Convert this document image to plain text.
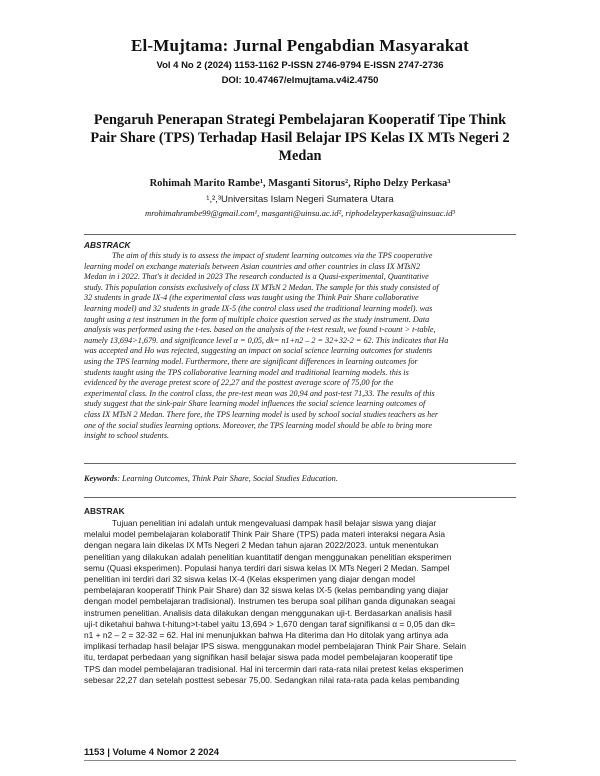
El-Mujtama: Jurnal Pengabdian Masyarakat
Vol 4 No 2 (2024) 1153-1162 P-ISSN 2746-9794 E-ISSN 2747-2736
DOI: 10.47467/elmujtama.v4i2.4750
Pengaruh Penerapan Strategi Pembelajaran Kooperatif Tipe Think
Pair Share (TPS) Terhadap Hasil Belajar IPS Kelas IX MTs Negeri 2
Medan
Rohimah Marito Rambe¹, Masganti Sitorus², Ripho Delzy Perkasa³
¹,²,³Universitas Islam Negeri Sumatera Utara
mrohimahrambe99@gmail.com¹, masganti@uinsu.ac.id², riphodelzyperkasa@uinsuac.id³
ABSTRACK
The aim of this study is to assess the impact of student learning outcomes via the TPS cooperative
learning model on exchange materials between Asian countries and other countries in class IX MTsN2
Medan in i 2022. That's it decided in 2023 The research conducted is a Quasi-experimental, Quantitative
study. This population consists exclusively of class IX MTsN 2 Medan. The sample for this study consisted of
32 students in grade IX-4 (the experimental class was taught using the Think Pair Share collaborative
learning model) and 32 students in grade IX-5 (the control class used the traditional learning model). was
taught using a test instrumen in the form of multiple choice question served as the study instrument. Data
analysis was performed using the t-tes. based on the analysis of the t-test result, we found t-count > t-table,
namely 13,694>1,679. and significance level α = 0,05, dk= n1+n2 – 2 = 32+32-2 = 62. This indicates that Ha
was accepted and Ho was rejected, suggesting an impact on social science learning outcomes for students
using the TPS learning model. Furthermore, there are significant differences in learning outcomes for
students taught using the TPS collaborative learning model and traditional learning models. this is
evidenced by the average pretest score of 22,27 and the posttest average score of 75,00 for the
experimental class. In the control class, the pre-test mean was 20,94 and post-test 71,33. The results of this
study suggest that the sink-pair Share learning model influences the social science learning outcomes of
class IX MTsN 2 Medan. There fore, the TPS learning model is used by school social studies teachers as her
one of the social studies learning options. Moreover, the TPS learning model should be able to bring more
insight to school students.
Keywords: Learning Outcomes, Think Pair Share, Social Studies Education.
ABSTRAK
Tujuan penelitian ini adalah untuk mengevaluasi dampak hasil belajar siswa yang diajar
melalui model pembelajaran kolaboratif Think Pair Share (TPS) pada materi interaksi negara Asia
dengan negara lain dikelas IX MTs Negeri 2 Medan tahun ajaran 2022/2023. untuk menentukan
penelitian yang dilakukan adalah penelitian kuantitatif dengan menggunakan penelitian eksperimen
semu (Quasi eksperimen). Populasi hanya terdiri dari siswa kelas IX MTs Negeri 2 Medan. Sampel
penelitian ini terdiri dari 32 siswa kelas IX-4 (Kelas eksperimen yang diajar dengan model
pembelajaran kooperatif Think Pair Share) dan 32 siswa kelas IX-5 (kelas pembanding yang diajar
dengan model pembelajaran tradisional). Instrumen tes berupa soal pilihan ganda digunakan seagai
instrumen penelitian. Analisis data dilakukan dengan menggunakan uji-t. Berdasarkan analisis hasil
uji-t diketahui bahwa t-hitung>t-tabel yaitu 13,694 > 1,670 dengan taraf signifikansi α = 0,05 dan dk=
n1 + n2 – 2 = 32-32 = 62. Hal ini menunjukkan bahwa Ha diterima dan Ho ditolak yang artinya ada
implikasi terhadap hasil belajar IPS siswa. menggunakan model pembelajaran Think Pair Share. Selain
itu, terdapat perbedaan yang signifikan hasil belajar siswa pada model pembelajaran kooperatif tipe
TPS dan model pembelajaran tradisional. Hal ini tercermin dari rata-rata nilai pretest kelas eksperimen
sebesar 22,27 dan setelah posttest sebesar 75,00. Sedangkan nilai rata-rata pada kelas pembanding
1153 | Volume 4 Nomor 2 2024
